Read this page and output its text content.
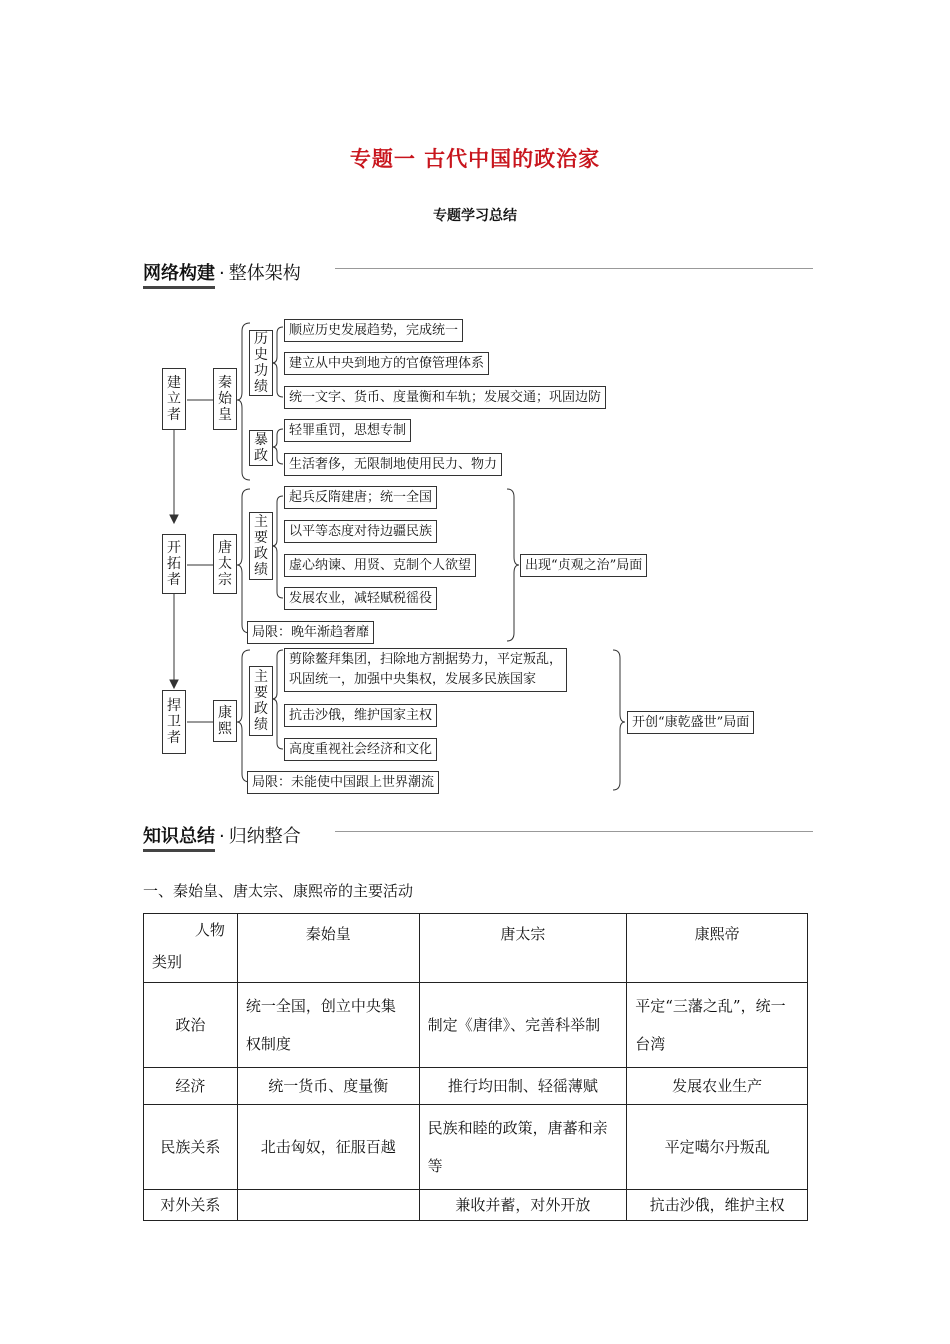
专题一 古代中国的政治家
专题学习总结
网络构建 · 整体架构
建立者
开拓者
捍卫者
秦始皇
唐太宗
康熙
历史功绩
暴政
顺应历史发展趋势，完成统一
建立从中央到地方的官僚管理体系
统一文字、货币、度量衡和车轨；发展交通；巩固边防
轻罪重罚，思想专制
生活奢侈，无限制地使用民力、物力
主要政绩
起兵反隋建唐；统一全国
以平等态度对待边疆民族
虚心纳谏、用贤、克制个人欲望
发展农业，减轻赋税徭役
局限：晚年渐趋奢靡
出现“贞观之治”局面
主要政绩
剪除鳌拜集团，扫除地方割据势力，平定叛乱，
巩固统一，加强中央集权，发展多民族国家
抗击沙俄，维护国家主权
高度重视社会经济和文化
局限：未能使中国跟上世界潮流
开创“康乾盛世”局面
知识总结 · 归纳整合
一、秦始皇、唐太宗、康熙帝的主要活动
人物
类别	秦始皇	唐太宗	康熙帝
政治	统一全国，创立中央集权制度	制定《唐律》、完善科举制	平定“三藩之乱”，统一台湾
经济	统一货币、度量衡	推行均田制、轻徭薄赋	发展农业生产
民族关系	北击匈奴，征服百越	民族和睦的政策，唐蕃和亲等	平定噶尔丹叛乱
对外关系		兼收并蓄，对外开放	抗击沙俄，维护主权
